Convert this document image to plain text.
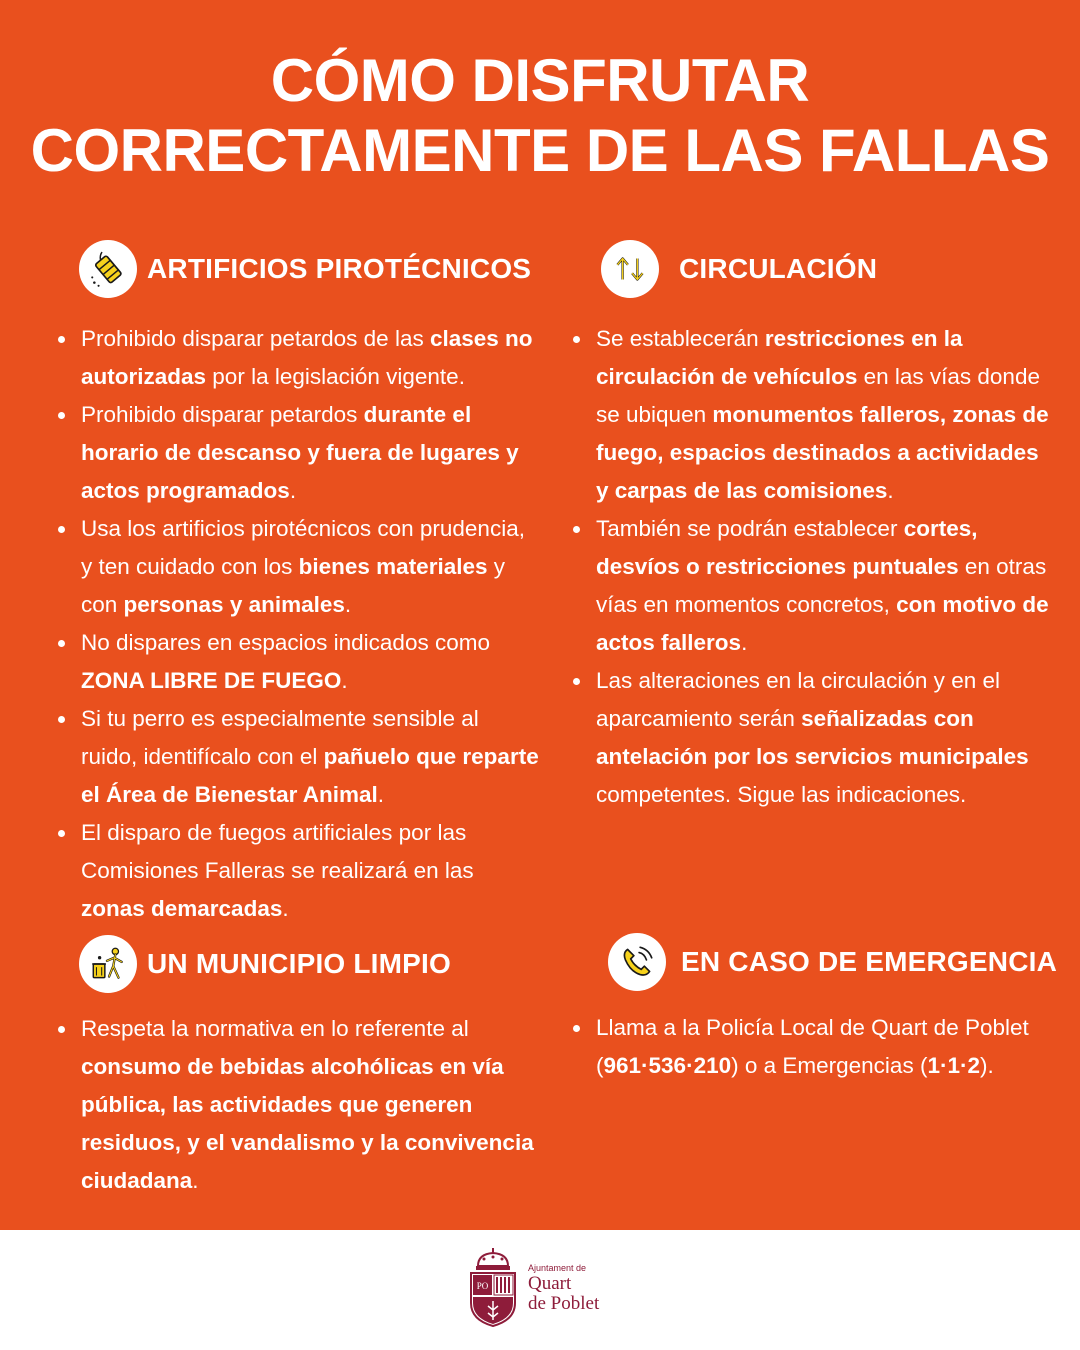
CÓMO DISFRUTAR
CORRECTAMENTE DE LAS FALLAS
ARTIFICIOS PIROTÉCNICOS
Prohibido disparar petardos de las clases no autorizadas por la legislación vigente.
Prohibido disparar petardos durante el horario de descanso y fuera de lugares y actos programados.
Usa los artificios pirotécnicos con prudencia, y ten cuidado con los bienes materiales y con personas y animales.
No dispares en espacios indicados como ZONA LIBRE DE FUEGO.
Si tu perro es especialmente sensible al ruido, identifícalo con el pañuelo que reparte el Área de Bienestar Animal.
El disparo de fuegos artificiales por las Comisiones Falleras se realizará en las zonas demarcadas.
CIRCULACIÓN
Se establecerán restricciones en la circulación de vehículos en las vías donde se ubiquen monumentos falleros, zonas de fuego, espacios destinados a actividades y carpas de las comisiones.
También se podrán establecer cortes, desvíos o restricciones puntuales en otras vías en momentos concretos, con motivo de actos falleros.
Las alteraciones en la circulación y en el aparcamiento serán señalizadas con antelación por los servicios municipales competentes. Sigue las indicaciones.
UN MUNICIPIO LIMPIO
Respeta la normativa en lo referente al consumo de bebidas alcohólicas en vía pública, las actividades que generen residuos, y el vandalismo y la convivencia ciudadana.
EN CASO DE EMERGENCIA
Llama a la Policía Local de Quart de Poblet (961·536·210) o a Emergencias (1·1·2).
PO
Ajuntament de
Quart
de Poblet
